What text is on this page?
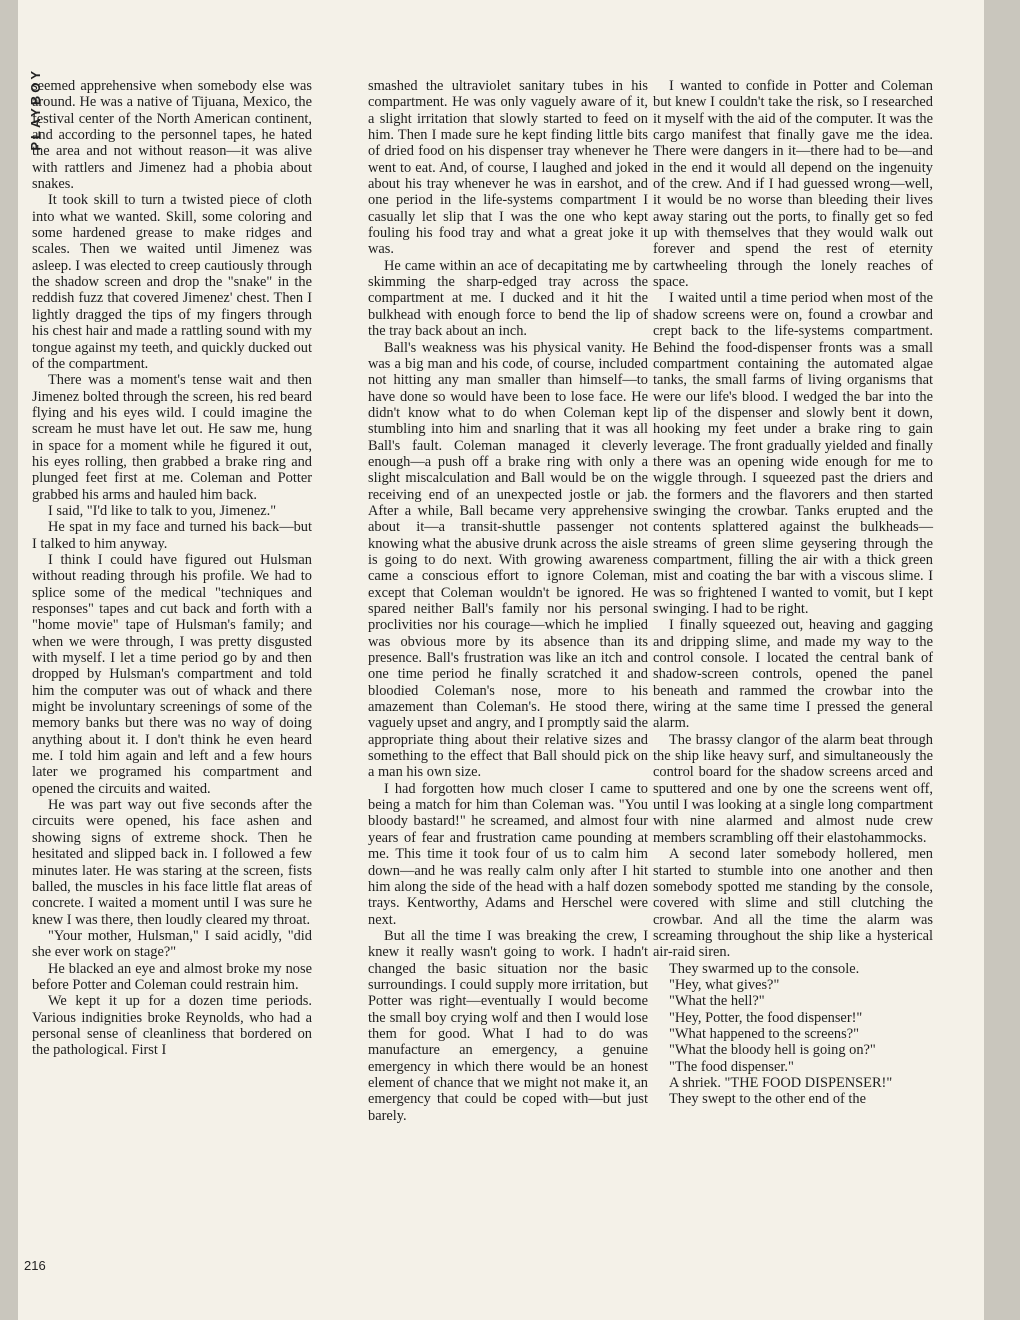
PLAYBOY
216

seemed apprehensive when somebody else was around. He was a native of Tijuana, Mexico, the festival center of the North American continent, and according to the personnel tapes, he hated the area and not without reason—it was alive with rattlers and Jimenez had a phobia about snakes.

It took skill to turn a twisted piece of cloth into what we wanted. Skill, some coloring and some hardened grease to make ridges and scales. Then we waited until Jimenez was asleep. I was elected to creep cautiously through the shadow screen and drop the "snake" in the reddish fuzz that covered Jimenez' chest. Then I lightly dragged the tips of my fingers through his chest hair and made a rattling sound with my tongue against my teeth, and quickly ducked out of the compartment.

There was a moment's tense wait and then Jimenez bolted through the screen, his red beard flying and his eyes wild. I could imagine the scream he must have let out. He saw me, hung in space for a moment while he figured it out, his eyes rolling, then grabbed a brake ring and plunged feet first at me. Coleman and Potter grabbed his arms and hauled him back.

I said, "I'd like to talk to you, Jimenez."

He spat in my face and turned his back—but I talked to him anyway.

I think I could have figured out Hulsman without reading through his profile. We had to splice some of the medical "techniques and responses" tapes and cut back and forth with a "home movie" tape of Hulsman's family; and when we were through, I was pretty disgusted with myself. I let a time period go by and then dropped by Hulsman's compartment and told him the computer was out of whack and there might be involuntary screenings of some of the memory banks but there was no way of doing anything about it. I don't think he even heard me. I told him again and left and a few hours later we programed his compartment and opened the circuits and waited.

He was part way out five seconds after the circuits were opened, his face ashen and showing signs of extreme shock. Then he hesitated and slipped back in. I followed a few minutes later. He was staring at the screen, fists balled, the muscles in his face little flat areas of concrete. I waited a moment until I was sure he knew I was there, then loudly cleared my throat.

"Your mother, Hulsman," I said acidly, "did she ever work on stage?"

He blacked an eye and almost broke my nose before Potter and Coleman could restrain him.

We kept it up for a dozen time periods. Various indignities broke Reynolds, who had a personal sense of cleanliness that bordered on the pathological. First I

smashed the ultraviolet sanitary tubes in his compartment. He was only vaguely aware of it, a slight irritation that slowly started to feed on him. Then I made sure he kept finding little bits of dried food on his dispenser tray whenever he went to eat. And, of course, I laughed and joked about his tray whenever he was in earshot, and one period in the life-systems compartment I casually let slip that I was the one who kept fouling his food tray and what a great joke it was.

He came within an ace of decapitating me by skimming the sharp-edged tray across the compartment at me. I ducked and it hit the bulkhead with enough force to bend the lip of the tray back about an inch.

Ball's weakness was his physical vanity. He was a big man and his code, of course, included not hitting any man smaller than himself—to have done so would have been to lose face. He didn't know what to do when Coleman kept stumbling into him and snarling that it was all Ball's fault. Coleman managed it cleverly enough—a push off a brake ring with only a slight miscalculation and Ball would be on the receiving end of an unexpected jostle or jab. After a while, Ball became very apprehensive about it—a transit-shuttle passenger not knowing what the abusive drunk across the aisle is going to do next. With growing awareness came a conscious effort to ignore Coleman, except that Coleman wouldn't be ignored. He spared neither Ball's family nor his personal proclivities nor his courage—which he implied was obvious more by its absence than its presence. Ball's frustration was like an itch and one time period he finally scratched it and bloodied Coleman's nose, more to his amazement than Coleman's. He stood there, vaguely upset and angry, and I promptly said the appropriate thing about their relative sizes and something to the effect that Ball should pick on a man his own size.

I had forgotten how much closer I came to being a match for him than Coleman was. "You bloody bastard!" he screamed, and almost four years of fear and frustration came pounding at me. This time it took four of us to calm him down—and he was really calm only after I hit him along the side of the head with a half dozen trays. Kentworthy, Adams and Herschel were next.

But all the time I was breaking the crew, I knew it really wasn't going to work. I hadn't changed the basic situation nor the basic surroundings. I could supply more irritation, but Potter was right—eventually I would become the small boy crying wolf and then I would lose them for good. What I had to do was manufacture an emergency, a genuine emergency in which there would be an honest element of chance that we might not make it, an emergency that could be coped with—but just barely.

I wanted to confide in Potter and Coleman but knew I couldn't take the risk, so I researched it myself with the aid of the computer. It was the cargo manifest that finally gave me the idea. There were dangers in it—there had to be—and in the end it would all depend on the ingenuity of the crew. And if I had guessed wrong—well, it would be no worse than bleeding their lives away staring out the ports, to finally get so fed up with themselves that they would walk out forever and spend the rest of eternity cartwheeling through the lonely reaches of space.

I waited until a time period when most of the shadow screens were on, found a crowbar and crept back to the life-systems compartment. Behind the food-dispenser fronts was a small compartment containing the automated algae tanks, the small farms of living organisms that were our life's blood. I wedged the bar into the lip of the dispenser and slowly bent it down, hooking my feet under a brake ring to gain leverage. The front gradually yielded and finally there was an opening wide enough for me to wiggle through. I squeezed past the driers and the formers and the flavorers and then started swinging the crowbar. Tanks erupted and the contents splattered against the bulkheads—streams of green slime geysering through the compartment, filling the air with a thick green mist and coating the bar with a viscous slime. I was so frightened I wanted to vomit, but I kept swinging. I had to be right.

I finally squeezed out, heaving and gagging and dripping slime, and made my way to the control console. I located the central bank of shadow-screen controls, opened the panel beneath and rammed the crowbar into the wiring at the same time I pressed the general alarm.

The brassy clangor of the alarm beat through the ship like heavy surf, and simultaneously the control board for the shadow screens arced and sputtered and one by one the screens went off, until I was looking at a single long compartment with nine alarmed and almost nude crew members scrambling off their elastohammocks.

A second later somebody hollered, men started to stumble into one another and then somebody spotted me standing by the console, covered with slime and still clutching the crowbar. And all the time the alarm was screaming throughout the ship like a hysterical air-raid siren.

They swarmed up to the console.

"Hey, what gives?"

"What the hell?"

"Hey, Potter, the food dispenser!"

"What happened to the screens?"

"What the bloody hell is going on?"

"The food dispenser."

A shriek. "THE FOOD DISPENSER!"

They swept to the other end of the
